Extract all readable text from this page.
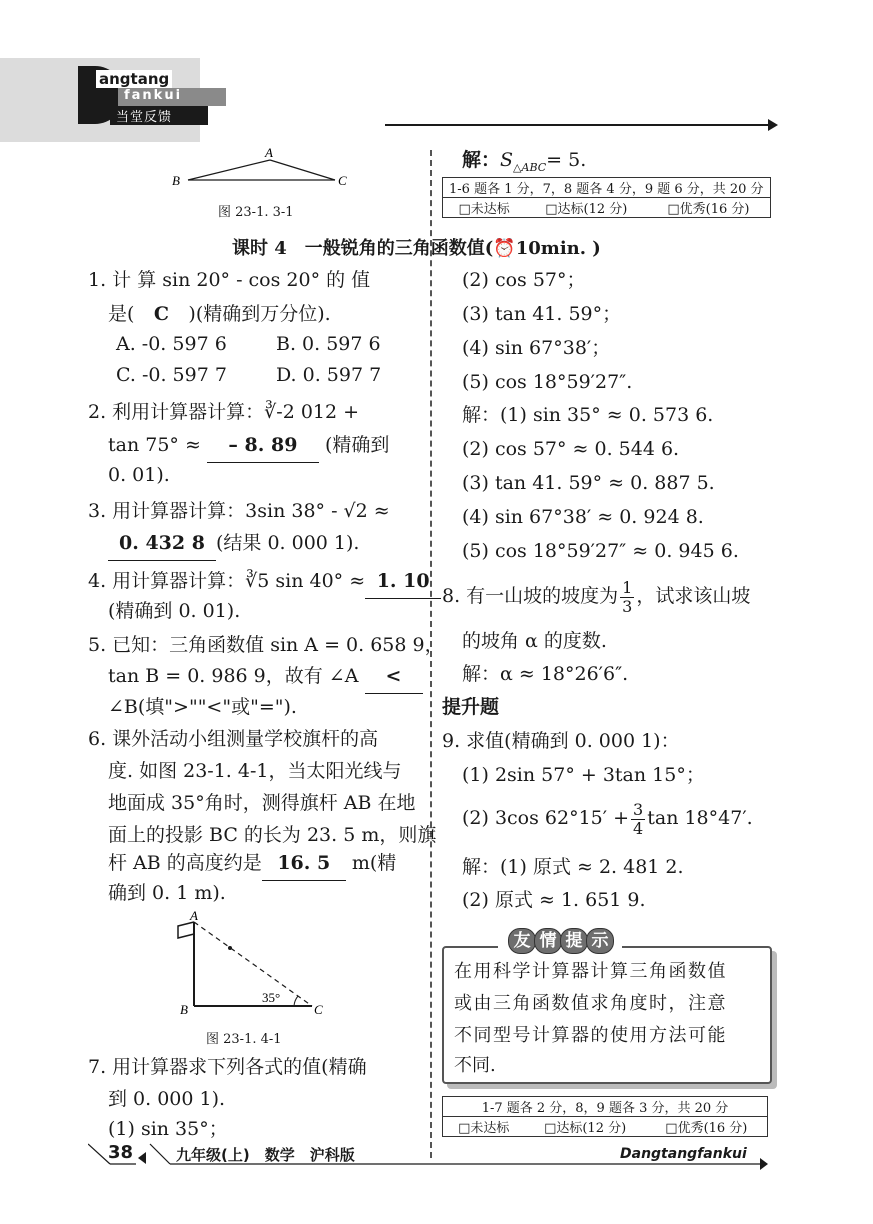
angtang
fankui
当堂反馈
A
B	C
图 23-1. 3-1
解：$S_{\triangle ABC}= 5$.
1-6 题各 1 分，7，8 题各 4 分，9 题 6 分，共 20 分
□未达标	□达标(12 分)	□优秀(16 分)
课时 4　一般锐角的三角函数值(⏰10min. )
1. 计 算 sin 20° - cos 20° 的 值
是( C )(精确到万分位).
A. -0. 597 6	B. 0. 597 6
C. -0. 597 7	D. 0. 597 7
2. 利用计算器计算：∛-2 012 +
tan 75° ≈ – 8. 89 (精确到
0. 01).
3. 用计算器计算：3sin 38° - √2 ≈
0. 432 8 (结果 0. 000 1).
4. 用计算器计算：∛5 sin 40° ≈ 1. 10
(精确到 0. 01).
5. 已知：三角函数值 sin A = 0. 658 9，
tan B = 0. 986 9，故有 ∠A <
∠B(填">""<"或"=").
6. 课外活动小组测量学校旗杆的高
度. 如图 23-1. 4-1，当太阳光线与
地面成 35°角时，测得旗杆 AB 在地
面上的投影 BC 的长为 23. 5 m，则旗
杆 AB 的高度约是 16. 5 m(精
确到 0. 1 m).
A
B	C
35°
图 23-1. 4-1
7. 用计算器求下列各式的值(精确
到 0. 000 1).
(1) sin 35°；
(2) cos 57°；
(3) tan 41. 59°；
(4) sin 67°38′；
(5) cos 18°59′27″.
解：(1) sin 35° ≈ 0. 573 6.
(2) cos 57° ≈ 0. 544 6.
(3) tan 41. 59° ≈ 0. 887 5.
(4) sin 67°38′ ≈ 0. 924 8.
(5) cos 18°59′27″ ≈ 0. 945 6.
8. 有一山坡的坡度为 $\frac{1}{3}$ ，试求该山坡
的坡角 α 的度数.
解：α ≈ 18°26′6″.
提升题
9. 求值(精确到 0. 000 1)：
(1) 2sin 57° + 3tan 15°；
(2) 3cos $62^\circ 15' + \frac{3}{4}$ tan 18°47′.
解：(1) 原式 ≈ 2. 481 2.
(2) 原式 ≈ 1. 651 9.
友 情 提 示
在用科学计算器计算三角函数值
或由三角函数值求角度时，注意
不同型号计算器的使用方法可能
不同.
1-7 题各 2 分，8，9 题各 3 分，共 20 分
□未达标	□达标(12 分)	□优秀(16 分)
38	九年级(上)　数学　沪科版	Dangtangfankui
